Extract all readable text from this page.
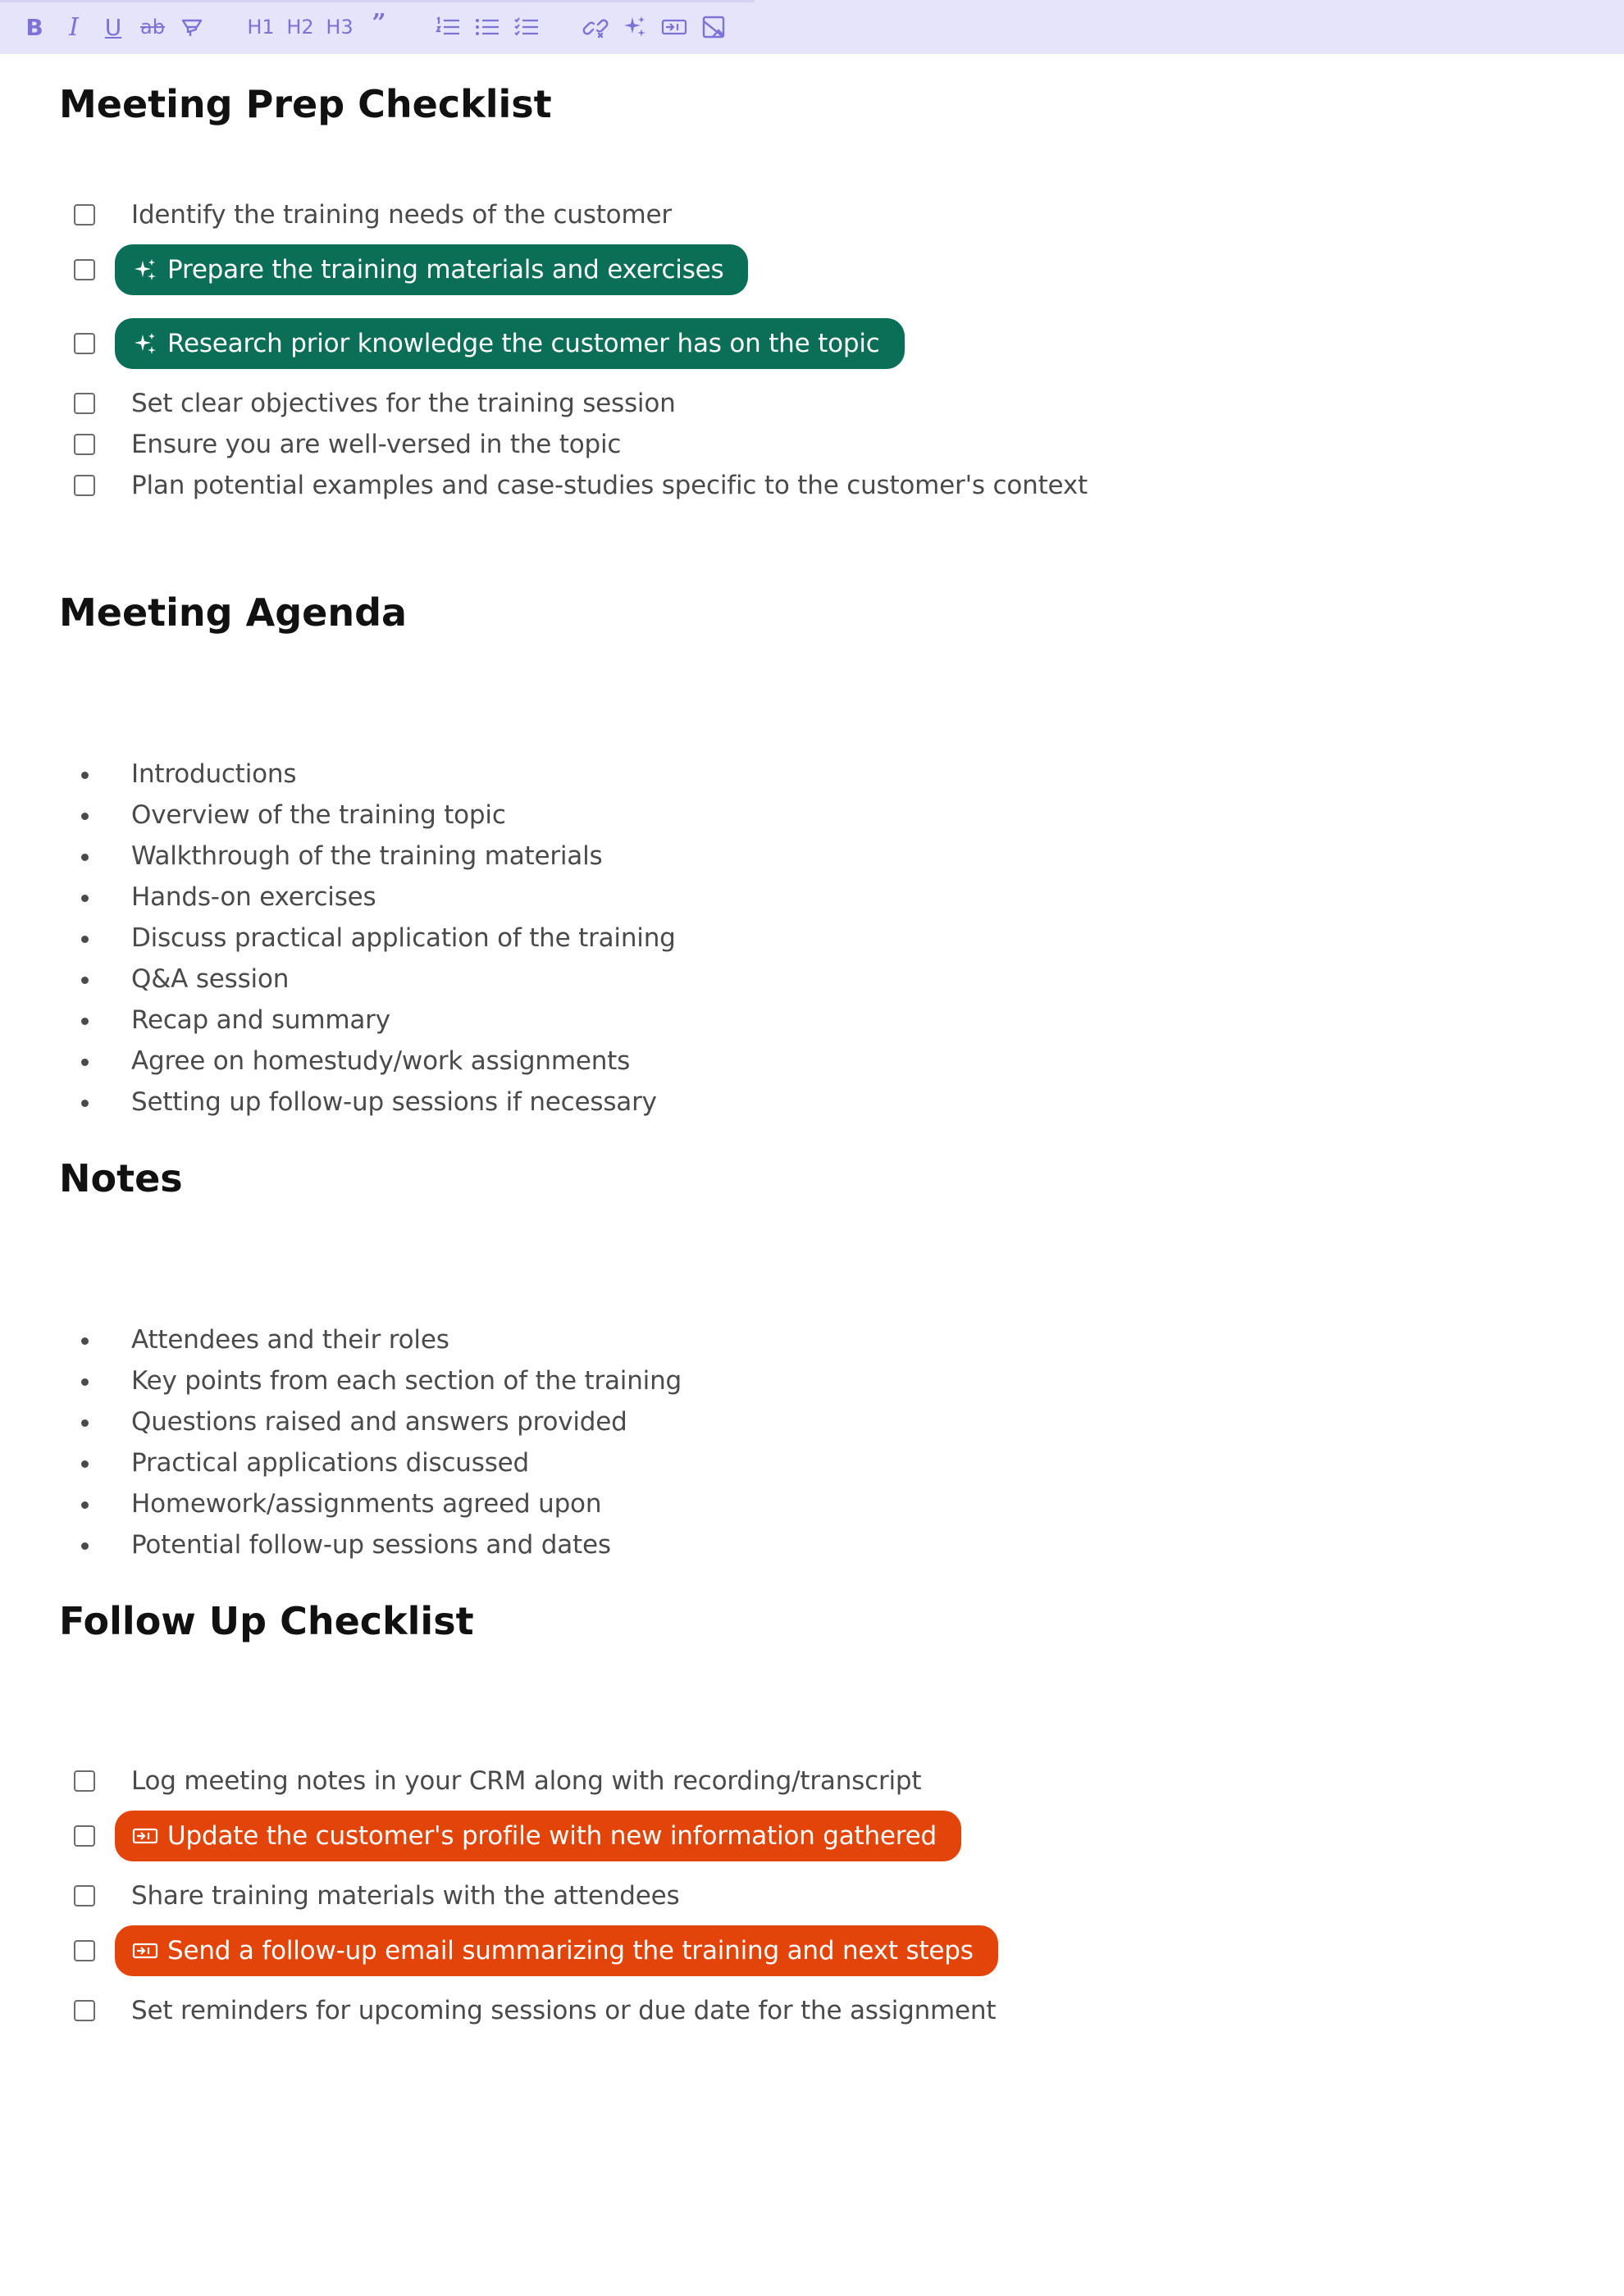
B	I	U ab	H1 H2 H3 ”
Meeting Prep Checklist
Identify the training needs of the customer
Prepare the training materials and exercises
Research prior knowledge the customer has on the topic
Set clear objectives for the training session
Ensure you are well-versed in the topic
Plan potential examples and case-studies specific to the customer's context
Meeting Agenda
Introductions
Overview of the training topic
Walkthrough of the training materials
Hands-on exercises
Discuss practical application of the training
Q&A session
Recap and summary
Agree on homestudy/work assignments
Setting up follow-up sessions if necessary
Notes
Attendees and their roles
Key points from each section of the training
Questions raised and answers provided
Practical applications discussed
Homework/assignments agreed upon
Potential follow-up sessions and dates
Follow Up Checklist
Log meeting notes in your CRM along with recording/transcript
Update the customer's profile with new information gathered
Share training materials with the attendees
Send a follow-up email summarizing the training and next steps
Set reminders for upcoming sessions or due date for the assignment
